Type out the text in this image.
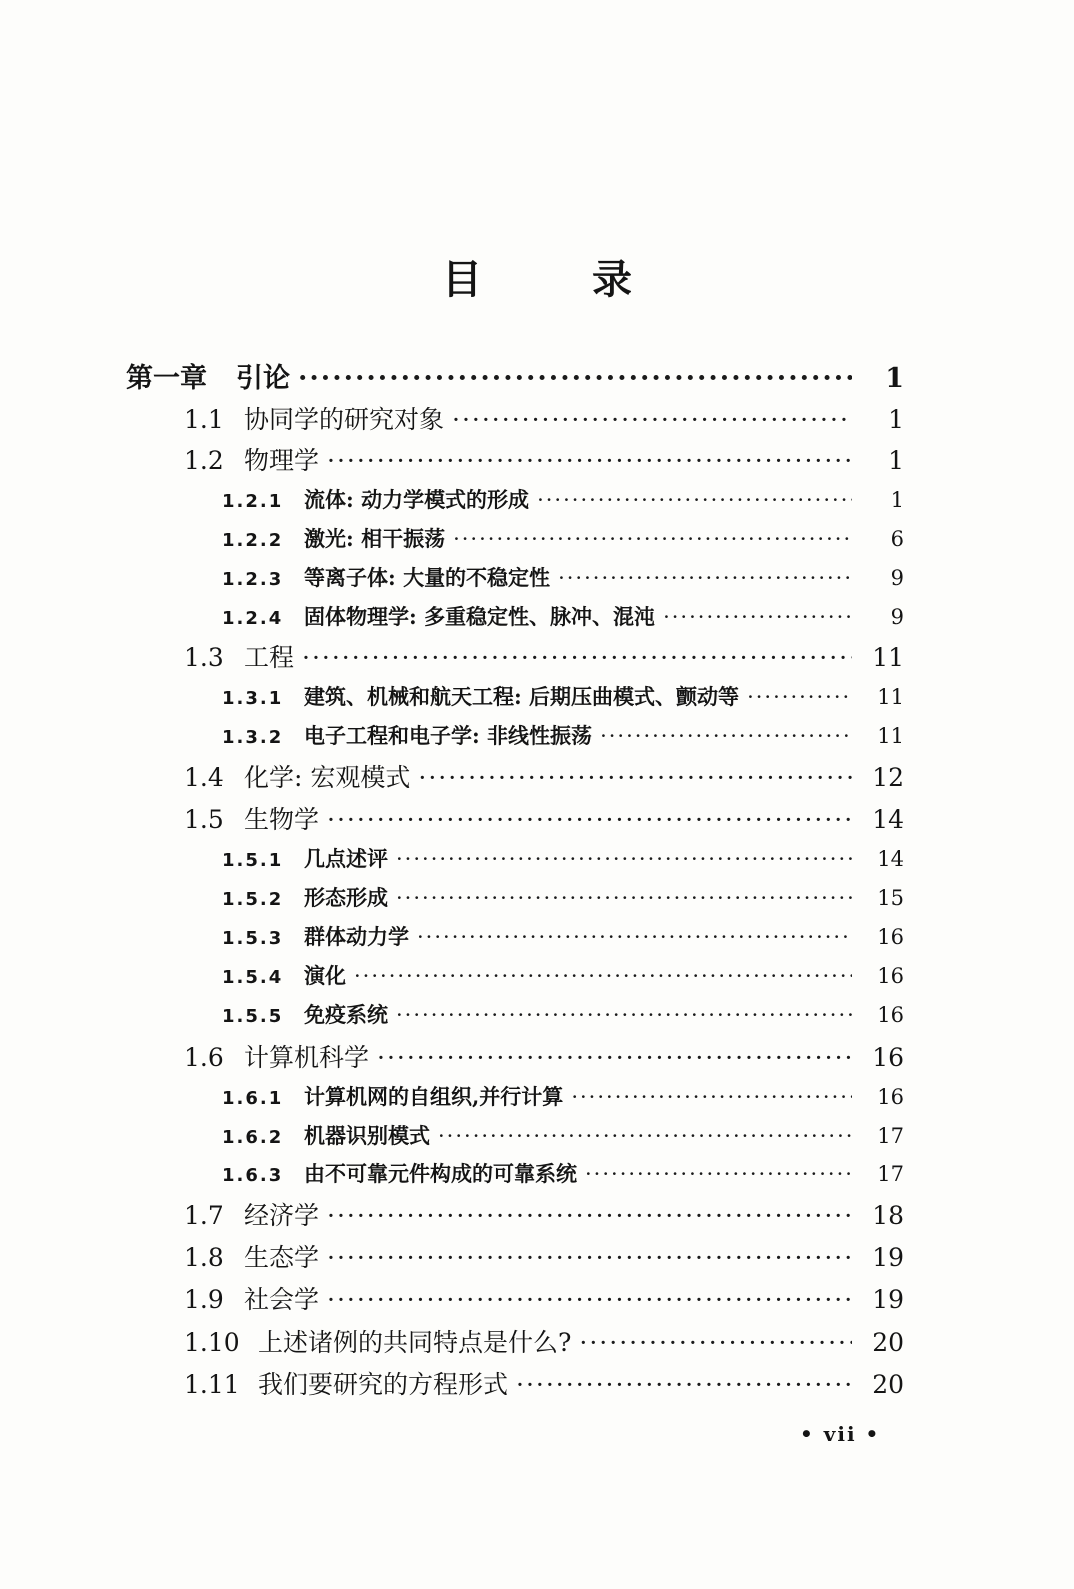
目	录
第一章	引论 ·····	1
1.1 协同学的研究对象 ·····	1
1.2 物理学 ·····	1
1.2.1 流体: 动力学模式的形成 ·····	1
1.2.2 激光: 相干振荡 ·····	6
1.2.3 等离子体: 大量的不稳定性 ·····	9
1.2.4 固体物理学: 多重稳定性、脉冲、混沌 ·····	9
1.3 工程 ·····	11
1.3.1 建筑、机械和航天工程: 后期压曲模式、颤动等 ·····	11
1.3.2 电子工程和电子学: 非线性振荡 ·····	11
1.4 化学: 宏观模式 ·····	12
1.5 生物学 ·····	14
1.5.1 几点述评 ·····	14
1.5.2 形态形成 ·····	15
1.5.3 群体动力学 ·····	16
1.5.4 演化 ·····	16
1.5.5 免疫系统 ·····	16
1.6 计算机科学 ·····	16
1.6.1 计算机网的自组织,并行计算 ·····	16
1.6.2 机器识别模式 ·····	17
1.6.3 由不可靠元件构成的可靠系统 ·····	17
1.7 经济学 ·····	18
1.8 生态学 ·····	19
1.9 社会学 ·····	19
1.10 上述诸例的共同特点是什么? ·····	20
1.11 我们要研究的方程形式 ·····	20
• vii •
